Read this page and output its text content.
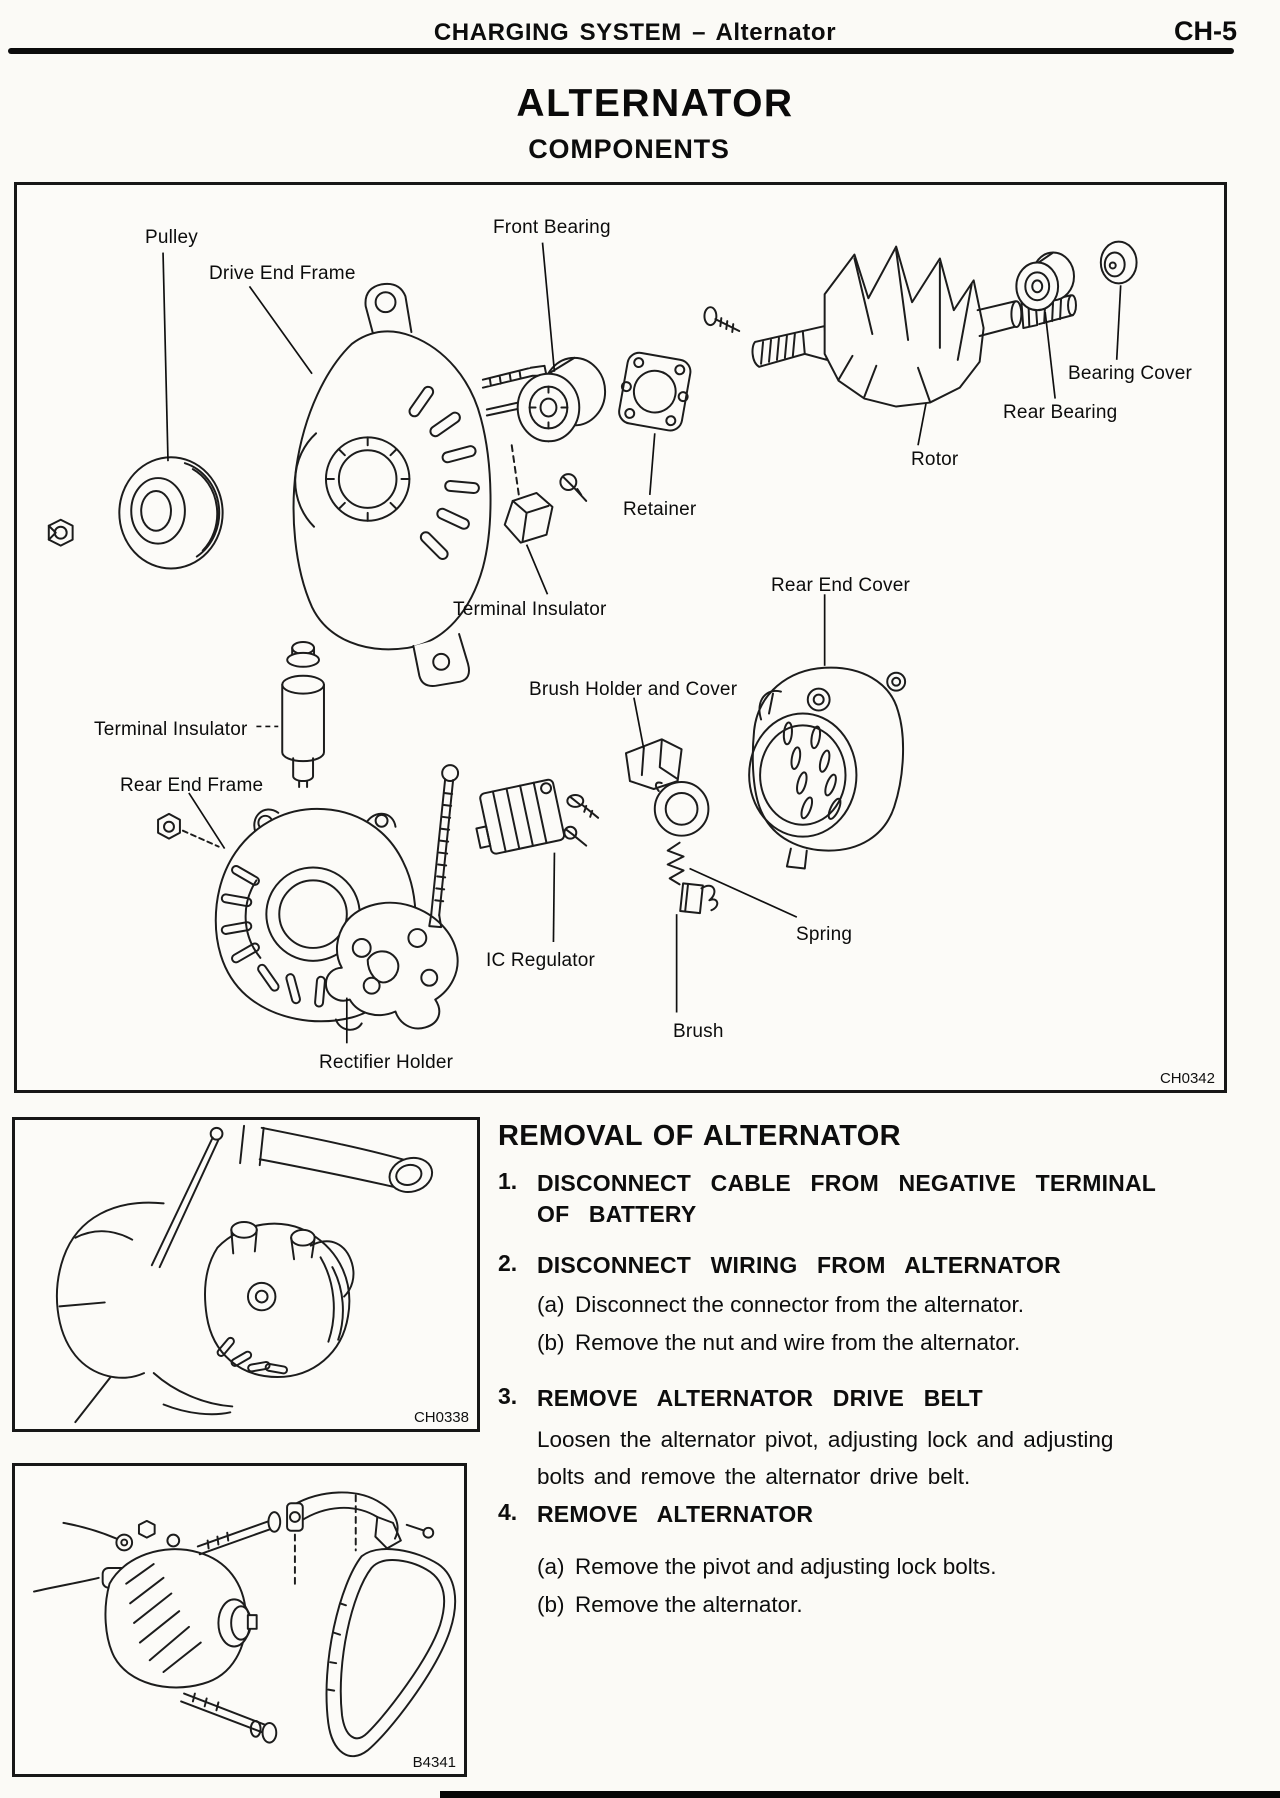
CHARGING SYSTEM – Alternator	CH-5
ALTERNATOR
COMPONENTS
CH0342
Pulley
Drive End Frame
Front Bearing
Bearing Cover
Rear Bearing
Rotor
Retainer
Terminal Insulator
Rear End Cover
Brush Holder and Cover
Terminal Insulator
Rear End Frame
IC Regulator
Spring
Rectifier Holder
Brush
CH0338
B4341
REMOVAL OF ALTERNATOR
1. DISCONNECT CABLE FROM NEGATIVE TERMINAL
OF BATTERY
2. DISCONNECT WIRING FROM ALTERNATOR
(a) Disconnect the connector from the alternator.
(b) Remove the nut and wire from the alternator.
3. REMOVE ALTERNATOR DRIVE BELT
Loosen the alternator pivot, adjusting lock and adjusting
bolts and remove the alternator drive belt.
4. REMOVE ALTERNATOR
(a) Remove the pivot and adjusting lock bolts.
(b) Remove the alternator.
